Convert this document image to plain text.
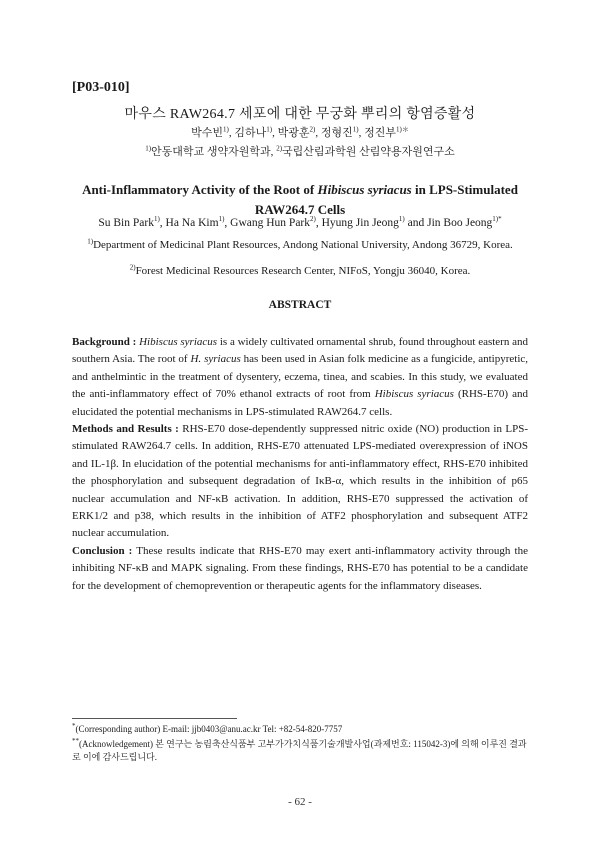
[P03-010]
마우스 RAW264.7 세포에 대한 무궁화 뿌리의 항염증활성
박수빈$^{1)}$, 김하나$^{1)}$, 박광훈$^{2)}$, 정형진$^{1)}$, 정진부$^{1)*}$
$^{1)}$안동대학교 생약자원학과, $^{2)}$국립산림과학원 산림약용자원연구소
Anti-Inflammatory Activity of the Root of Hibiscus syriacus in LPS-Stimulated
RAW264.7 Cells
Su Bin Park$^{1)}$, Ha Na Kim$^{1)}$, Gwang Hun Park$^{2)}$, Hyung Jin Jeong$^{1)}$ and Jin Boo Jeong$^{1)*}$
$^{1)}$Department of Medicinal Plant Resources, Andong National University, Andong 36729, Korea.
$^{2)}$Forest Medicinal Resources Research Center, NIFoS, Yongju 36040, Korea.
ABSTRACT

Background : Hibiscus syriacus is a widely cultivated ornamental shrub, found throughout eastern and southern Asia. The root of H. syriacus has been used in Asian folk medicine as a fungicide, antipyretic, and anthelmintic in the treatment of dysentery, eczema, tinea, and scabies. In this study, we evaluated the anti-inflammatory effect of 70% ethanol extracts of root from Hibiscus syriacus (RHS-E70) and elucidated the potential mechanisms in LPS-stimulated RAW264.7 cells.

Methods and Results : RHS-E70 dose-dependently suppressed nitric oxide (NO) production in LPS-stimulated RAW264.7 cells. In addition, RHS-E70 attenuated LPS-mediated overexpression of iNOS and IL-1β. In elucidation of the potential mechanisms for anti-inflammatory effect, RHS-E70 inhibited the phosphorylation and subsequent degradation of IκB-α, which results in the inhibition of p65 nuclear accumulation and NF-κB activation. In addition, RHS-E70 suppressed the activation of ERK1/2 and p38, which results in the inhibition of ATF2 phosphorylation and subsequent ATF2 nuclear accumulation.

Conclusion : These results indicate that RHS-E70 may exert anti-inflammatory activity through the inhibiting NF-κB and MAPK signaling. From these findings, RHS-E70 has potential to be a candidate for the development of chemoprevention or therapeutic agents for the inflammatory diseases.

*(Corresponding author) E-mail: jjb0403@anu.ac.kr Tel: +82-54-820-7757
**(Acknowledgement) 본 연구는 농림축산식품부 고부가가치식품기술개발사업(과제번호: 115042-3)에 의해 이루진 결과로 이에 감사드립니다.
- 62 -
